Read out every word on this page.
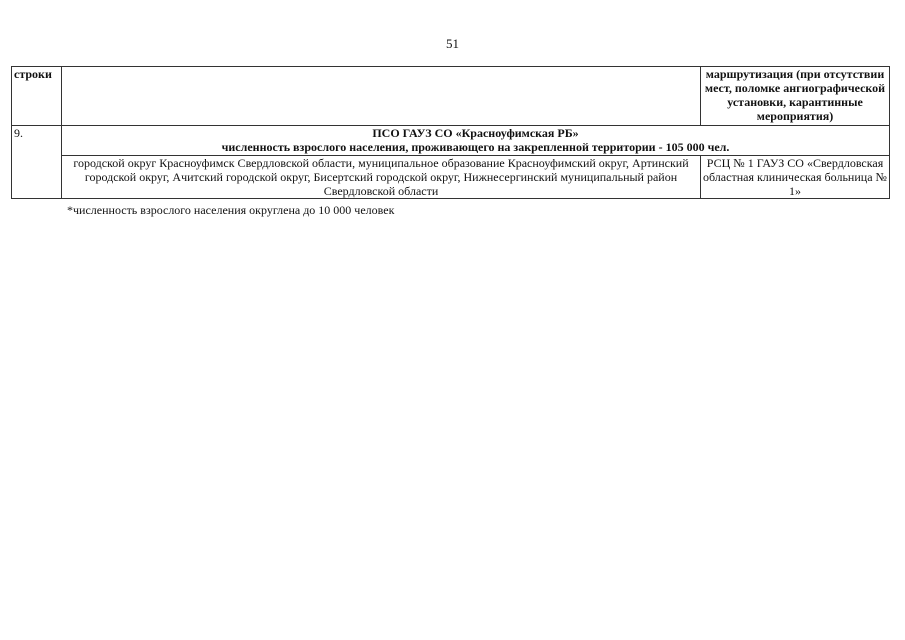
51
строки		маршрутизация (при отсутствии мест, поломке ангиографической установки, карантинные мероприятия)
9.	ПСО ГАУЗ СО «Красноуфимская РБ»
численность взрослого населения, проживающего на закрепленной территории - 105 000 чел.	

	городской округ Красноуфимск Свердловской области, муниципальное образование Красноуфимский округ, Артинский городской округ, Ачитский городской округ, Бисертский городской округ, Нижнесергинский муниципальный район Свердловской области	РСЦ № 1 ГАУЗ СО «Свердловская областная клиническая больница № 1»
*численность взрослого населения округлена до 10 000 человек
